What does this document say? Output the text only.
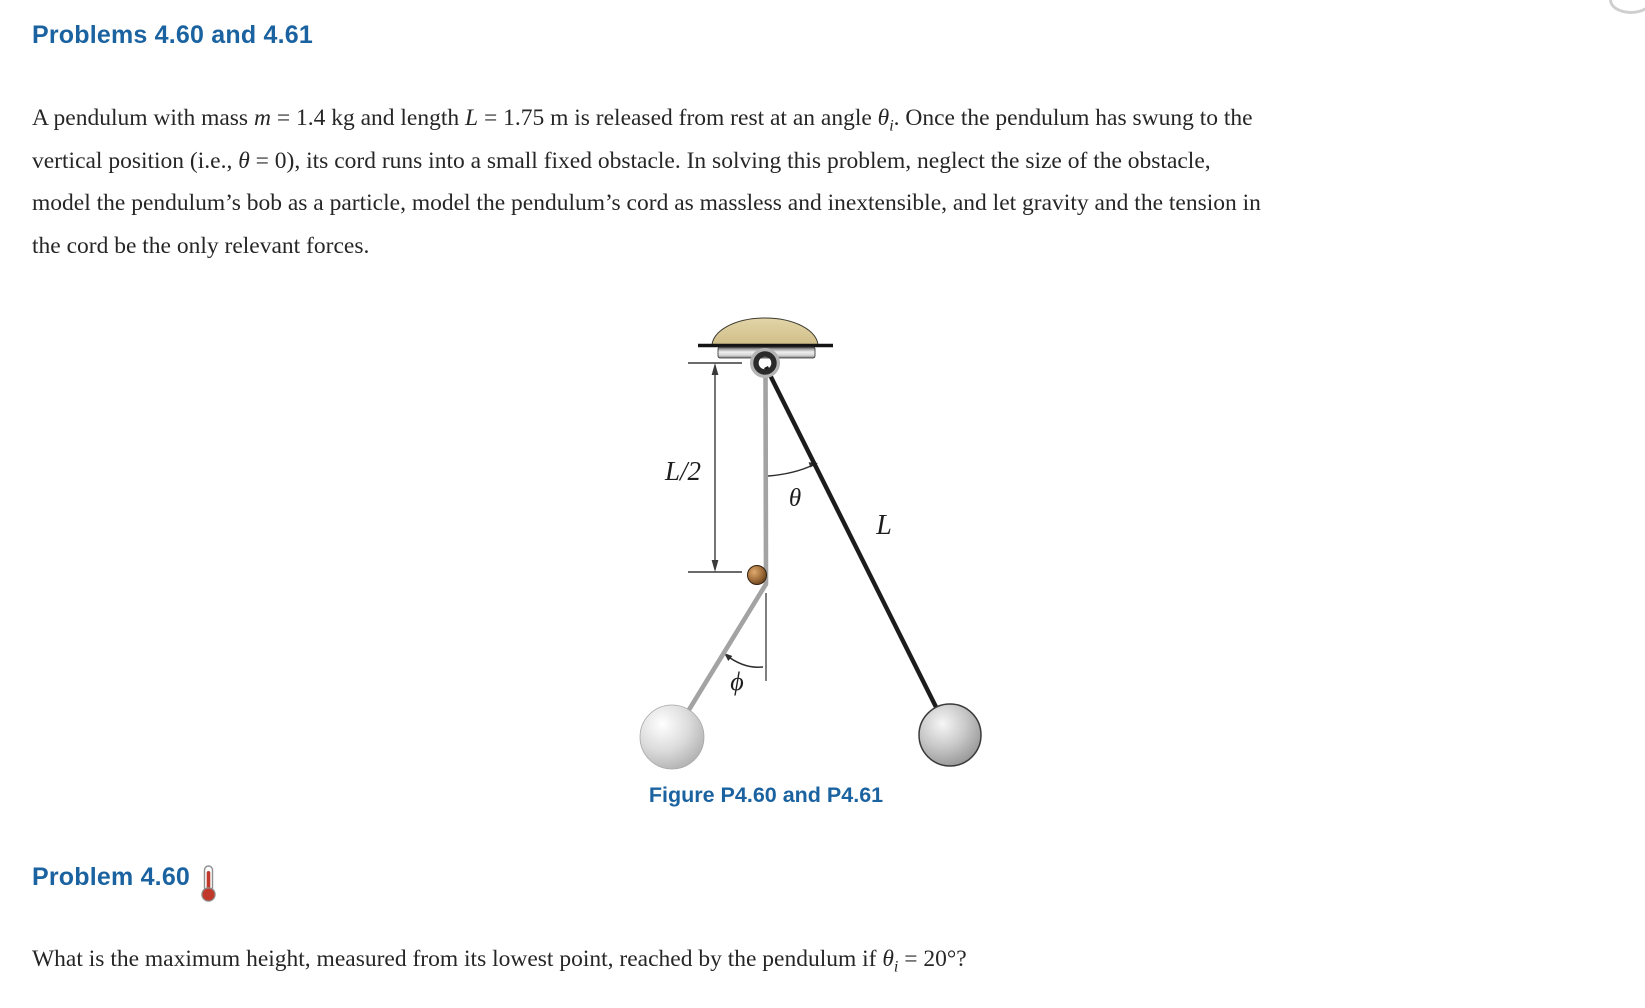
Problems 4.60 and 4.61
A pendulum with mass m = 1.4 kg and length L = 1.75 m is released from rest at an angle $\theta_i$. Once the pendulum has swung to the
vertical position (i.e., θ = 0), its cord runs into a small fixed obstacle. In solving this problem, neglect the size of the obstacle,
model the pendulum’s bob as a particle, model the pendulum’s cord as massless and inextensible, and let gravity and the tension in
the cord be the only relevant forces.
L/2
θ
L
ϕ
Figure P4.60 and P4.61
Problem 4.60
What is the maximum height, measured from its lowest point, reached by the pendulum if $\theta_i = 20^\circ$?
